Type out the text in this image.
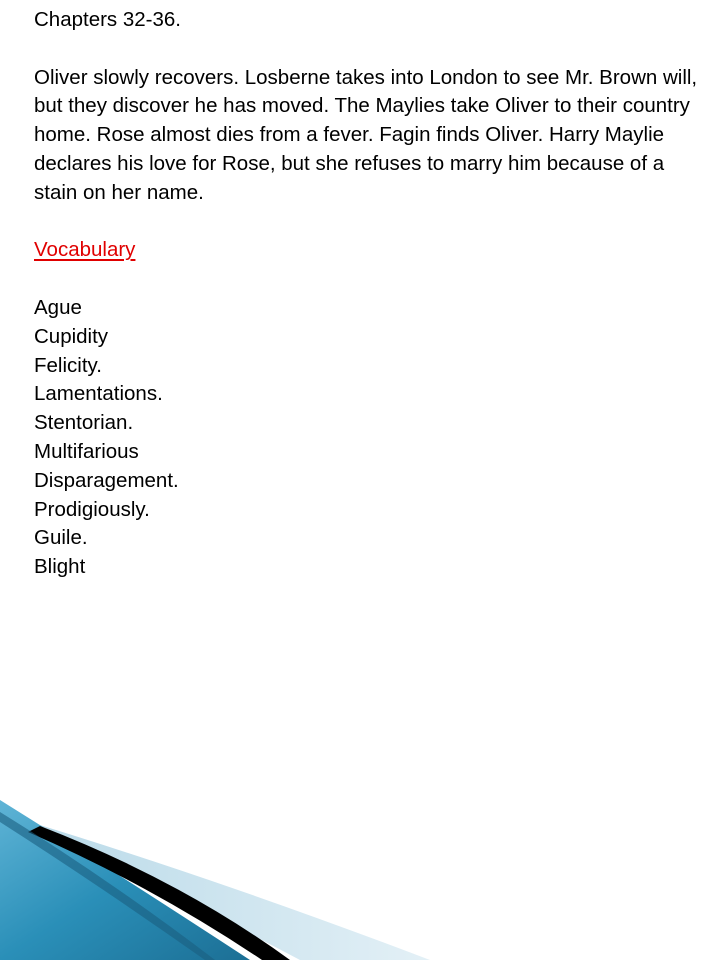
Chapters 32-36.

Oliver slowly recovers. Losberne takes into London to see Mr. Brown will, but they discover he has moved. The Maylies take Oliver to their country home. Rose almost dies from a fever. Fagin finds Oliver. Harry Maylie declares his love for Rose, but she refuses to marry him because of a stain on her name.

Vocabulary

Ague
Cupidity
Felicity.
Lamentations.
Stentorian.
Multifarious
Disparagement.
Prodigiously.
Guile.
Blight
